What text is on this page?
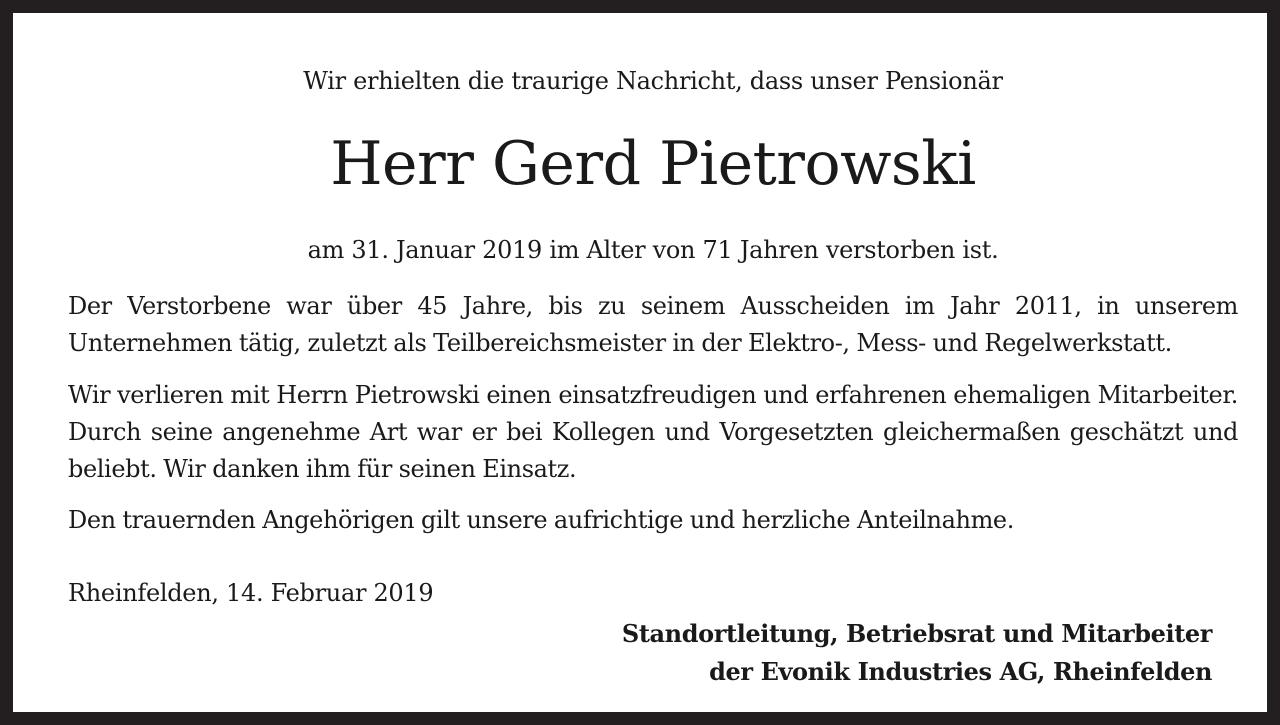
Wir erhielten die traurige Nachricht, dass unser Pensionär
Herr Gerd Pietrowski
am 31. Januar 2019 im Alter von 71 Jahren verstorben ist.
Der Verstorbene war über 45 Jahre, bis zu seinem Ausscheiden im Jahr 2011, in unserem Unternehmen tätig, zuletzt als Teilbereichsmeister in der Elektro-, Mess- und Regelwerkstatt.
Wir verlieren mit Herrn Pietrowski einen einsatzfreudigen und erfahrenen ehemaligen Mitarbeiter. Durch seine angenehme Art war er bei Kollegen und Vorgesetzten gleichermaßen geschätzt und beliebt. Wir danken ihm für seinen Einsatz.
Den trauernden Angehörigen gilt unsere aufrichtige und herzliche Anteilnahme.
Rheinfelden, 14. Februar 2019
Standortleitung, Betriebsrat und Mitarbeiter
der Evonik Industries AG, Rheinfelden
